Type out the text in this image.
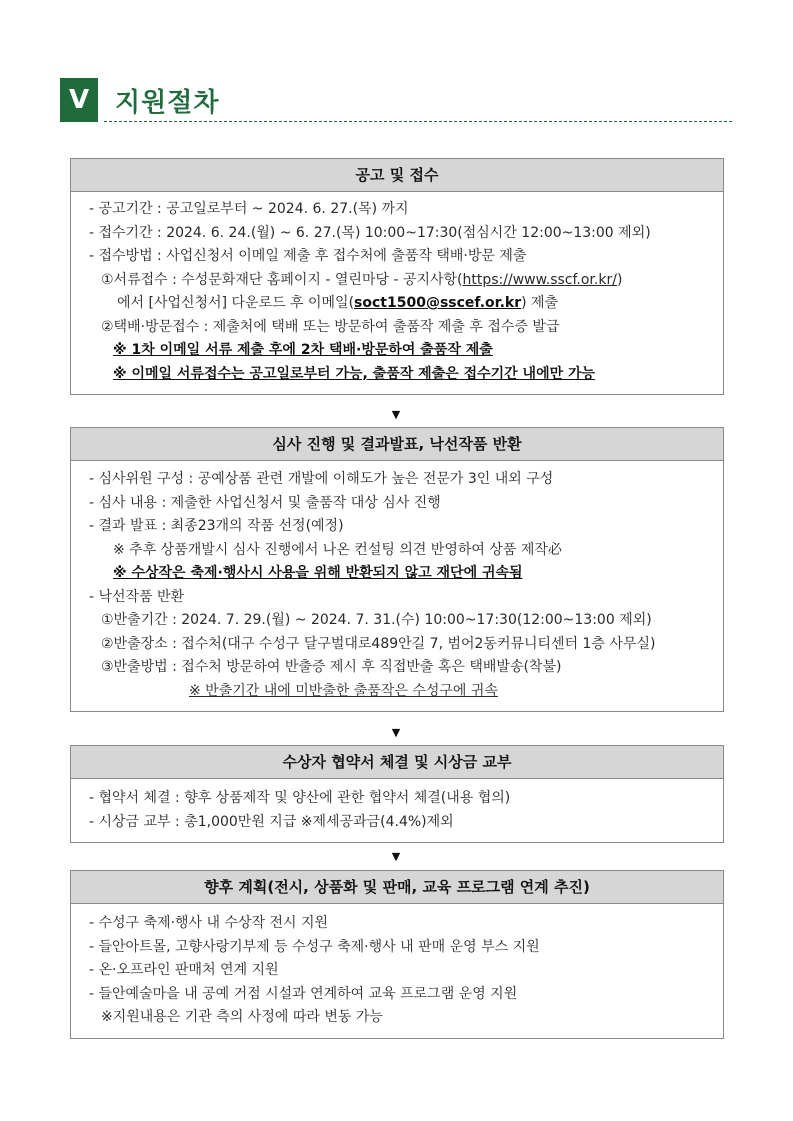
V 지원절차
공고 및 접수
- 공고기간 : 공고일로부터 ~ 2024. 6. 27.(목) 까지
- 접수기간 : 2024. 6. 24.(월) ~ 6. 27.(목) 10:00~17:30(점심시간 12:00~13:00 제외)
- 접수방법 : 사업신청서 이메일 제출 후 접수처에 출품작 택배·방문 제출
①서류접수 : 수성문화재단 홈페이지 - 열린마당 - 공지사항(https://www.sscf.or.kr/)
에서 [사업신청서] 다운로드 후 이메일(soct1500@sscef.or.kr) 제출
②택배·방문접수 : 제출처에 택배 또는 방문하여 출품작 제출 후 접수증 발급
※ 1차 이메일 서류 제출 후에 2차 택배·방문하여 출품작 제출
※ 이메일 서류접수는 공고일로부터 가능, 출품작 제출은 접수기간 내에만 가능
▼
심사 진행 및 결과발표, 낙선작품 반환
- 심사위원 구성 : 공예상품 관련 개발에 이해도가 높은 전문가 3인 내외 구성
- 심사 내용 : 제출한 사업신청서 및 출품작 대상 심사 진행
- 결과 발표 : 최종23개의 작품 선정(예정)
※ 추후 상품개발시 심사 진행에서 나온 컨설팅 의견 반영하여 상품 제작必
※ 수상작은 축제·행사시 사용을 위해 반환되지 않고 재단에 귀속됨
- 낙선작품 반환
①반출기간 : 2024. 7. 29.(월) ~ 2024. 7. 31.(수) 10:00~17:30(12:00~13:00 제외)
②반출장소 : 접수처(대구 수성구 달구벌대로489안길 7, 범어2동커뮤니티센터 1층 사무실)
③반출방법 : 접수처 방문하여 반출증 제시 후 직접반출 혹은 택배발송(착불)
※ 반출기간 내에 미반출한 출품작은 수성구에 귀속
▼
수상자 협약서 체결 및 시상금 교부
- 협약서 체결 : 향후 상품제작 및 양산에 관한 협약서 체결(내용 협의)
- 시상금 교부 : 총1,000만원 지급 ※제세공과금(4.4%)제외
▼
향후 계획(전시, 상품화 및 판매, 교육 프로그램 연계 추진)
- 수성구 축제·행사 내 수상작 전시 지원
- 들안아트몰, 고향사랑기부제 등 수성구 축제·행사 내 판매 운영 부스 지원
- 온·오프라인 판매처 연계 지원
- 들안예술마을 내 공예 거점 시설과 연계하여 교육 프로그램 운영 지원
※지원내용은 기관 측의 사정에 따라 변동 가능
